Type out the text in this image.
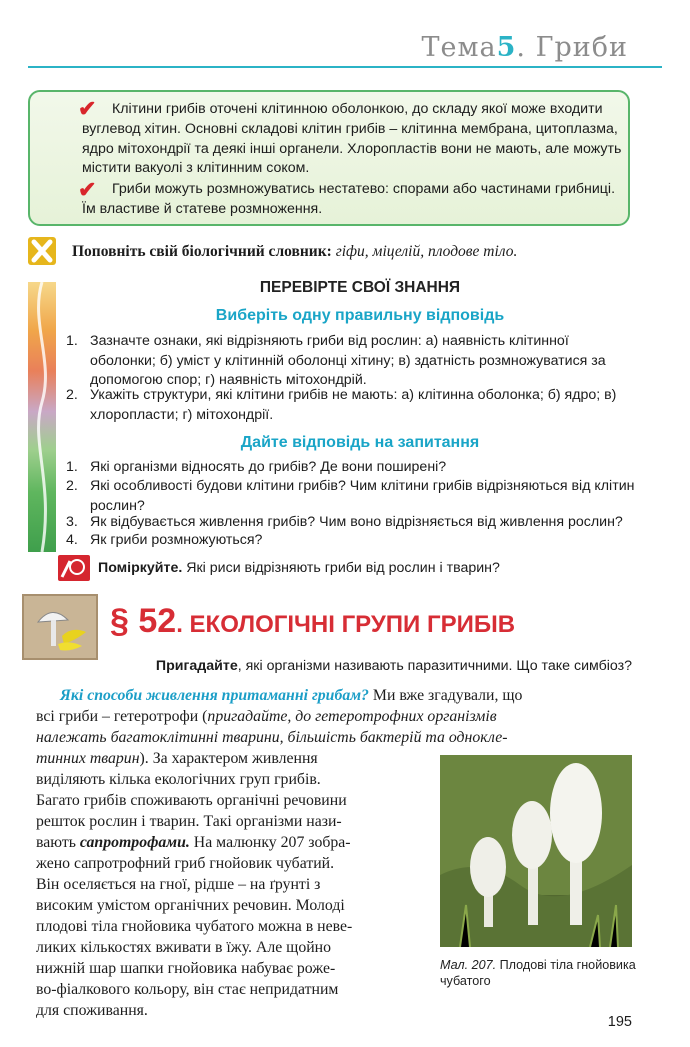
Тема5. Гриби
✔	Клітини грибів оточені клітинною оболонкою, до складу якої може входити вуглевод хітин. Основні складові клітин грибів – клітинна мембрана, цитоплазма, ядро мітохондрії та деякі інші органели. Хлоропластів вони не мають, але можуть містити вакуолі з клітинним соком.
✔	Гриби можуть розмножуватись нестатево: спорами або частинами грибниці. Їм властиве й статеве розмноження.
Поповніть свій біологічний словник: гіфи, міцелій, плодове тіло.
ПЕРЕВІРТЕ СВОЇ ЗНАННЯ
Виберіть одну правильну відповідь
1. Зазначте ознаки, які відрізняють гриби від рослин: а) наявність клітинної оболонки; б) уміст у клітинній оболонці хітину; в) здатність розмножуватися за допомогою спор; г) наявність мітохондрій.
2. Укажіть структури, які клітини грибів не мають: а) клітинна оболонка; б) ядро; в) хлоропласти; г) мітохондрії.
Дайте відповідь на запитання
1. Які організми відносять до грибів? Де вони поширені?
2. Які особливості будови клітини грибів? Чим клітини грибів відрізняються від клітин рослин?
3. Як відбувається живлення грибів? Чим воно відрізняється від живлення рослин?
4. Як гриби розмножуються?
Поміркуйте. Які риси відрізняють гриби від рослин і тварин?
§ 52. ЕКОЛОГІЧНІ ГРУПИ ГРИБІВ
Пригадайте, які організми називають паразитичними. Що таке симбіоз?
Які способи живлення притаманні грибам? Ми вже згадували, що
всі гриби – гетеротрофи (пригадайте, до гетеротрофних організмів
належать багатоклітинні тварини, більшість бактерій та однокле-
тинних тварин). За характером живлення
виділяють кілька екологічних груп грибів.
Багато грибів споживають органічні речовини
решток рослин і тварин. Такі організми нази-
вають сапротрофами. На малюнку 207 зобра-
жено сапротрофний гриб гнойовик чубатий.
Він оселяється на гної, рідше – на ґрунті з
високим умістом органічних речовин. Молоді
плодові тіла гнойовика чубатого можна в неве-
ликих кількостях вживати в їжу. Але щойно
нижній шар шапки гнойовика набуває роже-
во-фіалкового кольору, він стає непридатним
для споживання.
Мал. 207. Плодові тіла гнойовика чубатого
195
